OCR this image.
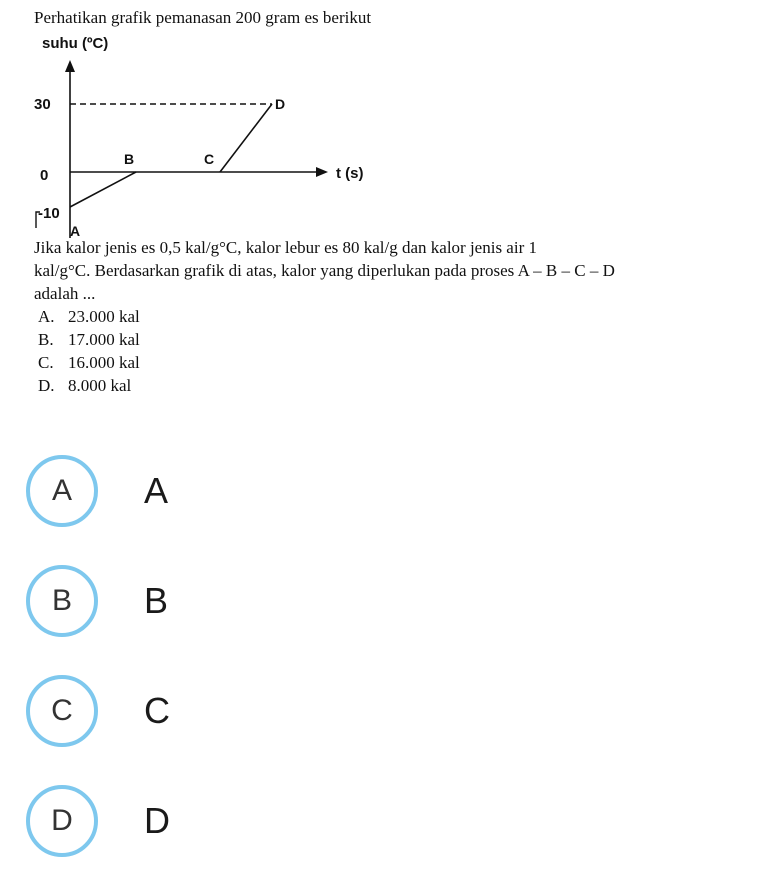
Perhatikan grafik pemanasan 200 gram es berikut

suhu (ºC)
t (s)
30
0
-10
A
B	C
D

Jika kalor jenis es 0,5 kal/g°C, kalor lebur es 80 kal/g dan kalor jenis air 1
kal/g°C. Berdasarkan grafik di atas, kalor yang diperlukan pada proses A – B – C – D
adalah ...

A. 23.000 kal
B. 17.000 kal
C. 16.000 kal
D. 8.000 kal
A	A
B	B
C	C
D	D
